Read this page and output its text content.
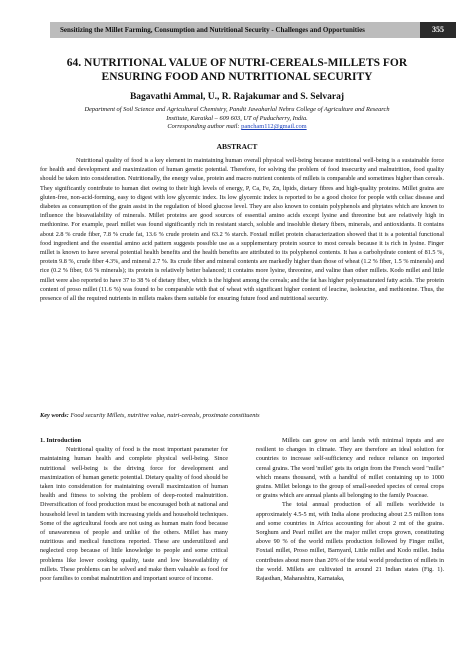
Sensitizing the Millet Farming, Consumption and Nutritional Security - Challenges and Opportunities	355
64. NUTRITIONAL VALUE OF NUTRI-CEREALS-MILLETS FOR ENSURING FOOD AND NUTRITIONAL SECURITY
Bagavathi Ammal, U., R. Rajakumar and S. Selvaraj
Department of Soil Science and Agricultural Chemistry, Pandit Jawaharlal Nehru College of Agriculture and Research
Institute, Karaikal – 609 603, UT of Puducherry, India.
Corresponding author mail: pancham112@gmail.com
ABSTRACT

Nutritional quality of food is a key element in maintaining human overall physical well-being because nutritional well-being is a sustainable force for health and development and maximization of human genetic potential. Therefore, for solving the problem of food insecurity and malnutrition, food quality should be taken into consideration. Nutritionally, the energy value, protein and macro nutrient contents of millets is comparable and sometimes higher than cereals. They significantly contribute to human diet owing to their high levels of energy, P, Ca, Fe, Zn, lipids, dietary fibres and high-quality proteins. Millet grains are gluten-free, non-acid-forming, easy to digest with low glycemic index. Its low glycemic index is reported to be a good choice for people with celiac disease and diabetes as consumption of the grain assist in the regulation of blood glucose level. They are also known to contain polyphenols and phytates which are known to influence the bioavailability of minerals. Millet proteins are good sources of essential amino acids except lysine and threonine but are relatively high in methionine. For example, pearl millet was found significantly rich in resistant starch, soluble and insoluble dietary fibers, minerals, and antioxidants. It contains about 2.8 % crude fiber, 7.8 % crude fat, 13.6 % crude protein and 63.2 % starch. Foxtail millet protein characterization showed that it is a potential functional food ingredient and the essential amino acid pattern suggests possible use as a supplementary protein source to most cereals because it is rich in lysine. Finger millet is known to have several potential health benefits and the health benefits are attributed to its polyphenol contents. It has a carbohydrate content of 81.5 %, protein 9.8 %, crude fiber 4.3%, and mineral 2.7 %. Its crude fiber and mineral contents are markedly higher than those of wheat (1.2 % fiber, 1.5 % minerals) and rice (0.2 % fiber, 0.6 % minerals); its protein is relatively better balanced; it contains more lysine, threonine, and valine than other millets. Kodo millet and little millet were also reported to have 37 to 38 % of dietary fiber, which is the highest among the cereals; and the fat has higher polyunsaturated fatty acids. The protein content of proso millet (11.6 %) was found to be comparable with that of wheat with significant higher content of leucine, isoleucine, and methionine. Thus, the presence of all the required nutrients in millets makes them suitable for ensuring future food and nutritional security.

Key words: Food security Millets, nutritive value, nutri-cereals, proximate constituents

1. Introduction

Nutritional quality of food is the most important parameter for maintaining human health and complete physical well-being. Since nutritional well-being is the driving force for development and maximization of human genetic potential. Dietary quality of food should be taken into consideration for maintaining overall maximization of human health and fitness to solving the problem of deep-rooted malnutrition. Diversification of food production must be encouraged both at national and household level in tandem with increasing yields and household techniques. Some of the agricultural foods are not using as human main food because of unawareness of people and unlike of the others. Millet has many nutritious and medical functions reported. These are underutilized and neglected crop because of little knowledge to people and some critical problems like lower cooking quality, taste and low bioavailability of millets. These problems can be solved and make them valuable as food for poor families to combat malnutrition and important source of income.

Millets can grow on arid lands with minimal inputs and are resilient to changes in climate. They are therefore an ideal solution for countries to increase self-sufficiency and reduce reliance on imported cereal grains. The word 'millet' gets its origin from the French word "mille" which means thousand, with a handful of millet containing up to 1000 grains. Millet belongs to the group of small-seeded species of cereal crops or grains which are annual plants all belonging to the family Poaceae.

The total annual production of all millets worldwide is approximately 4.5-5 mt, with India alone producing about 2.5 million tons and some countries in Africa accounting for about 2 mt of the grains. Sorghum and Pearl millet are the major millet crops grown, constituting above 90 % of the world millets production followed by Finger millet, Foxtail millet, Proso millet, Barnyard, Little millet and Kodo millet. India contributes about more than 20% of the total world production of millets in the world. Millets are cultivated in around 21 Indian states (Fig. 1). Rajasthan, Maharashtra, Karnataka,
